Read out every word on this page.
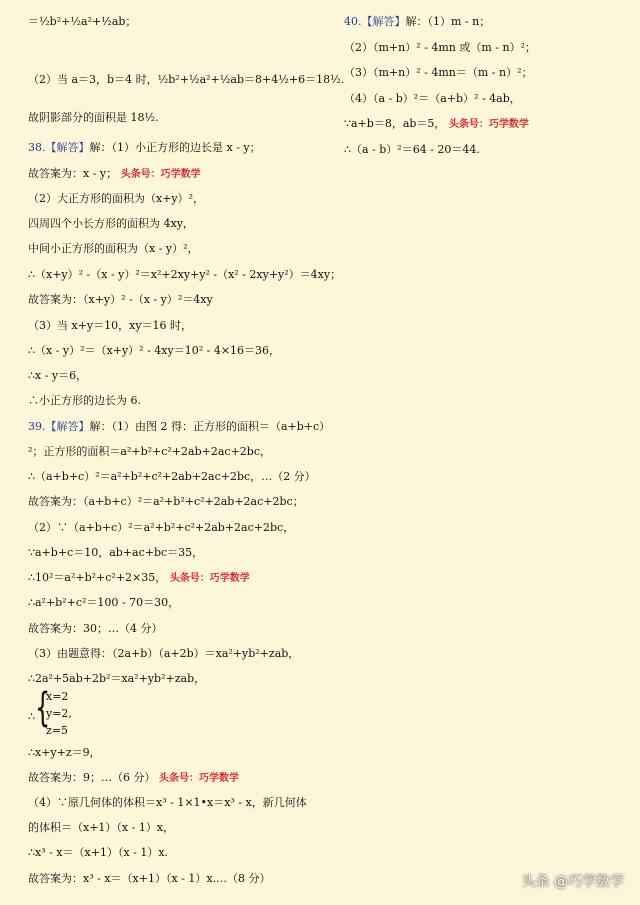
＝½b²+½a²+½ab；
（2）当 a＝3，b＝4 时，½b²+½a²+½ab＝8+4½+6＝18½.
故阴影部分的面积是 18½.
38.【解答】解：（1）小正方形的边长是 x - y；
故答案为：x - y； 头条号：巧学数学
（2）大正方形的面积为（x+y）²，
四周四个小长方形的面积为 4xy，
中间小正方形的面积为（x - y）²，
∴（x+y）² -（x - y）²＝x²+2xy+y² -（x² - 2xy+y²）＝4xy；
故答案为：（x+y）² -（x - y）²＝4xy
（3）当 x+y＝10，xy＝16 时，
∴（x - y）²＝（x+y）² - 4xy＝10² - 4×16＝36，
∴x - y＝6，
∴小正方形的边长为 6.
39.【解答】解：（1）由图 2 得：正方形的面积＝（a+b+c）
²；正方形的面积＝a²+b²+c²+2ab+2ac+2bc，
∴（a+b+c）²＝a²+b²+c²+2ab+2ac+2bc，…（2 分）
故答案为：（a+b+c）²＝a²+b²+c²+2ab+2ac+2bc；
（2）∵（a+b+c）²＝a²+b²+c²+2ab+2ac+2bc，
∵a+b+c＝10，ab+ac+bc＝35，
∴10²＝a²+b²+c²+2×35， 头条号：巧学数学
∴a²+b²+c²＝100 - 70＝30，
故答案为：30；…（4 分）
（3）由题意得：（2a+b）（a+2b）＝xa²+yb²+zab，
∴2a²+5ab+2b²＝xa²+yb²+zab，
∴x+y+z＝9，
故答案为：9；…（6 分） 头条号：巧学数学
（4）∵原几何体的体积＝x³ - 1×1•x＝x³ - x，新几何体
的体积＝（x+1）（x - 1）x，
∴x³ - x＝（x+1）（x - 1）x.
故答案为：x³ - x＝（x+1）（x - 1）x.…（8 分）
∴ {
x=2
y=2,
z=5
40.【解答】解：（1）m - n；
（2）（m+n）² - 4mn 或（m - n）²；
（3）（m+n）² - 4mn＝（m - n）²；
（4）（a - b）²＝（a+b）² - 4ab，
∵a+b＝8，ab＝5， 头条号：巧学数学
∴（a - b）²＝64 - 20＝44.
头条 @巧学数学
